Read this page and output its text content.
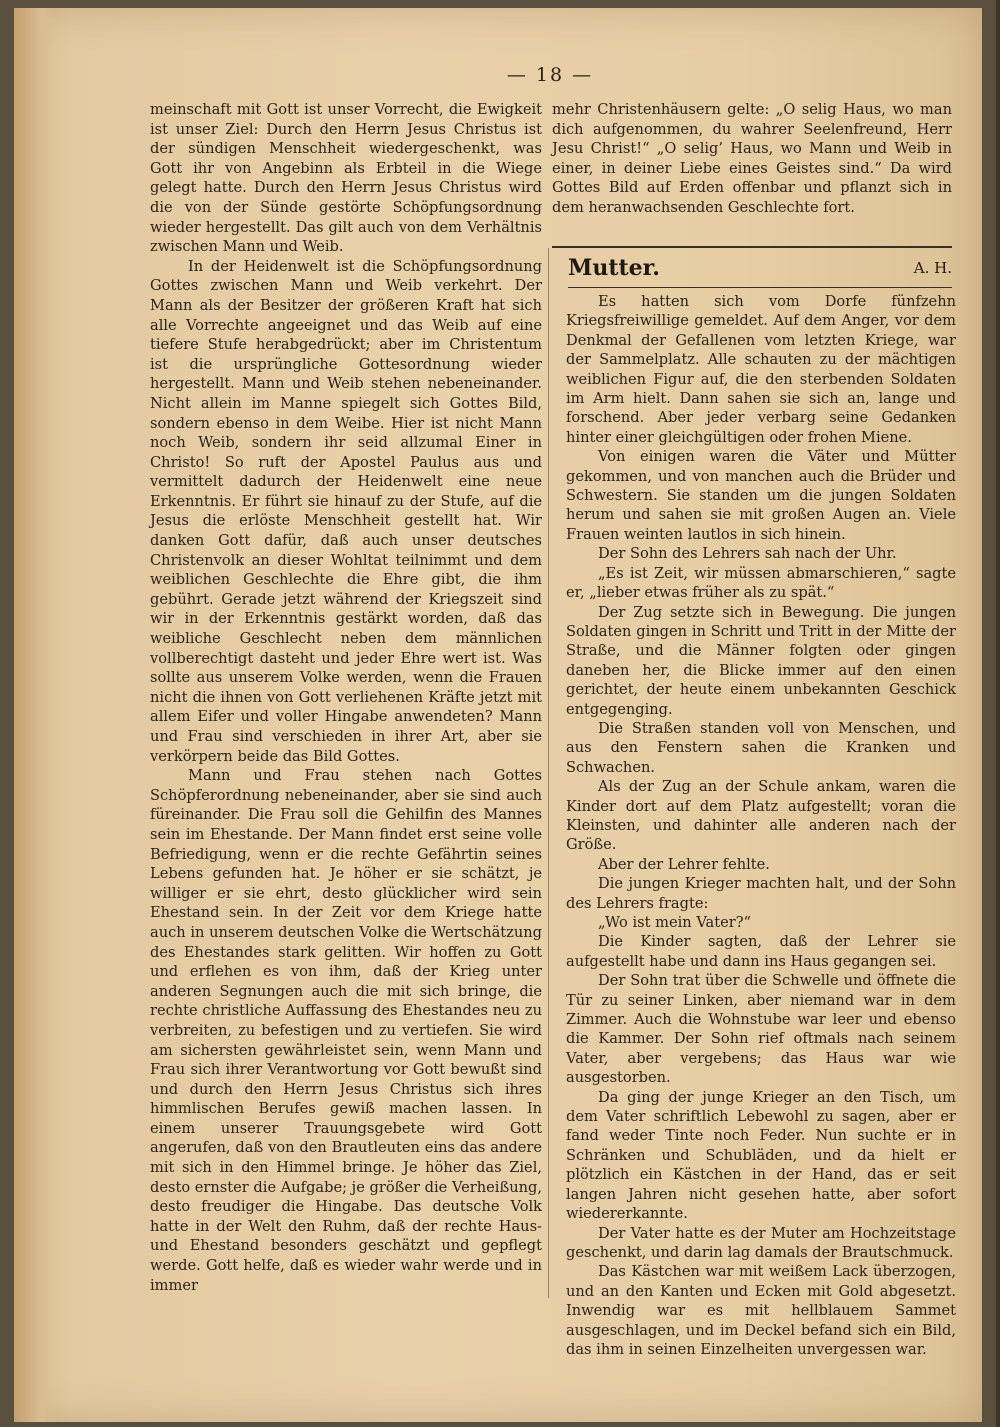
— 18 —

meinschaft mit Gott ist unser Vorrecht, die Ewigkeit ist unser Ziel: Durch den Herrn Jesus Christus ist der sündigen Menschheit wiedergeschenkt, was Gott ihr von Angebinn als Erbteil in die Wiege gelegt hatte. Durch den Herrn Jesus Christus wird die von der Sünde gestörte Schöpfungsordnung wieder hergestellt. Das gilt auch von dem Verhältnis zwischen Mann und Weib.

In der Heidenwelt ist die Schöpfungsordnung Gottes zwischen Mann und Weib verkehrt. Der Mann als der Besitzer der größeren Kraft hat sich alle Vorrechte angeeignet und das Weib auf eine tiefere Stufe herabgedrückt; aber im Christentum ist die ursprüngliche Gottesordnung wieder hergestellt. Mann und Weib stehen nebeneinander. Nicht allein im Manne spiegelt sich Gottes Bild, sondern ebenso in dem Weibe. Hier ist nicht Mann noch Weib, sondern ihr seid allzumal Einer in Christo! So ruft der Apostel Paulus aus und vermittelt dadurch der Heidenwelt eine neue Erkenntnis. Er führt sie hinauf zu der Stufe, auf die Jesus die erlöste Menschheit gestellt hat. Wir danken Gott dafür, daß auch unser deutsches Christenvolk an dieser Wohltat teilnimmt und dem weiblichen Geschlechte die Ehre gibt, die ihm gebührt. Gerade jetzt während der Kriegszeit sind wir in der Erkenntnis gestärkt worden, daß das weibliche Geschlecht neben dem männlichen vollberechtigt dasteht und jeder Ehre wert ist. Was sollte aus unserem Volke werden, wenn die Frauen nicht die ihnen von Gott verliehenen Kräfte jetzt mit allem Eifer und voller Hingabe anwendeten? Mann und Frau sind verschieden in ihrer Art, aber sie verkörpern beide das Bild Gottes.

Mann und Frau stehen nach Gottes Schöpferordnung nebeneinander, aber sie sind auch füreinander. Die Frau soll die Gehilfin des Mannes sein im Ehestande. Der Mann findet erst seine volle Befriedigung, wenn er die rechte Gefährtin seines Lebens gefunden hat. Je höher er sie schätzt, je williger er sie ehrt, desto glücklicher wird sein Ehestand sein. In der Zeit vor dem Kriege hatte auch in unserem deutschen Volke die Wertschätzung des Ehestandes stark gelitten. Wir hoffen zu Gott und erflehen es von ihm, daß der Krieg unter anderen Segnungen auch die mit sich bringe, die rechte christliche Auffassung des Ehestandes neu zu verbreiten, zu befestigen und zu vertiefen. Sie wird am sichersten gewährleistet sein, wenn Mann und Frau sich ihrer Verantwortung vor Gott bewußt sind und durch den Herrn Jesus Christus sich ihres himmlischen Berufes gewiß machen lassen. In einem unserer Trauungsgebete wird Gott angerufen, daß von den Brautleuten eins das andere mit sich in den Himmel bringe. Je höher das Ziel, desto ernster die Aufgabe; je größer die Verheißung, desto freudiger die Hingabe. Das deutsche Volk hatte in der Welt den Ruhm, daß der rechte Haus- und Ehestand besonders geschätzt und gepflegt werde. Gott helfe, daß es wieder wahr werde und in immer

mehr Christenhäusern gelte: „O selig Haus, wo man dich aufgenommen, du wahrer Seelenfreund, Herr Jesu Christ!“ „O selig’ Haus, wo Mann und Weib in einer, in deiner Liebe eines Geistes sind.“ Da wird Gottes Bild auf Erden offenbar und pflanzt sich in dem heranwachsenden Geschlechte fort.

Mutter.	A. H.

Es hatten sich vom Dorfe fünfzehn Kriegsfreiwillige gemeldet. Auf dem Anger, vor dem Denkmal der Gefallenen vom letzten Kriege, war der Sammelplatz. Alle schauten zu der mächtigen weiblichen Figur auf, die den sterbenden Soldaten im Arm hielt. Dann sahen sie sich an, lange und forschend. Aber jeder verbarg seine Gedanken hinter einer gleichgültigen oder frohen Miene.

Von einigen waren die Väter und Mütter gekommen, und von manchen auch die Brüder und Schwestern. Sie standen um die jungen Soldaten herum und sahen sie mit großen Augen an. Viele Frauen weinten lautlos in sich hinein.

Der Sohn des Lehrers sah nach der Uhr.

„Es ist Zeit, wir müssen abmarschieren,“ sagte er, „lieber etwas früher als zu spät.“

Der Zug setzte sich in Bewegung. Die jungen Soldaten gingen in Schritt und Tritt in der Mitte der Straße, und die Männer folgten oder gingen daneben her, die Blicke immer auf den einen gerichtet, der heute einem unbekannten Geschick entgegenging.

Die Straßen standen voll von Menschen, und aus den Fenstern sahen die Kranken und Schwachen.

Als der Zug an der Schule ankam, waren die Kinder dort auf dem Platz aufgestellt; voran die Kleinsten, und dahinter alle anderen nach der Größe.

Aber der Lehrer fehlte.

Die jungen Krieger machten halt, und der Sohn des Lehrers fragte:

„Wo ist mein Vater?“

Die Kinder sagten, daß der Lehrer sie aufgestellt habe und dann ins Haus gegangen sei.

Der Sohn trat über die Schwelle und öffnete die Tür zu seiner Linken, aber niemand war in dem Zimmer. Auch die Wohnstube war leer und ebenso die Kammer. Der Sohn rief oftmals nach seinem Vater, aber vergebens; das Haus war wie ausgestorben.

Da ging der junge Krieger an den Tisch, um dem Vater schriftlich Lebewohl zu sagen, aber er fand weder Tinte noch Feder. Nun suchte er in Schränken und Schubläden, und da hielt er plötzlich ein Kästchen in der Hand, das er seit langen Jahren nicht gesehen hatte, aber sofort wiedererkannte.

Der Vater hatte es der Muter am Hochzeitstage geschenkt, und darin lag damals der Brautschmuck.

Das Kästchen war mit weißem Lack überzogen, und an den Kanten und Ecken mit Gold abgesetzt. Inwendig war es mit hellblauem Sammet ausgeschlagen, und im Deckel befand sich ein Bild, das ihm in seinen Einzelheiten unvergessen war.
